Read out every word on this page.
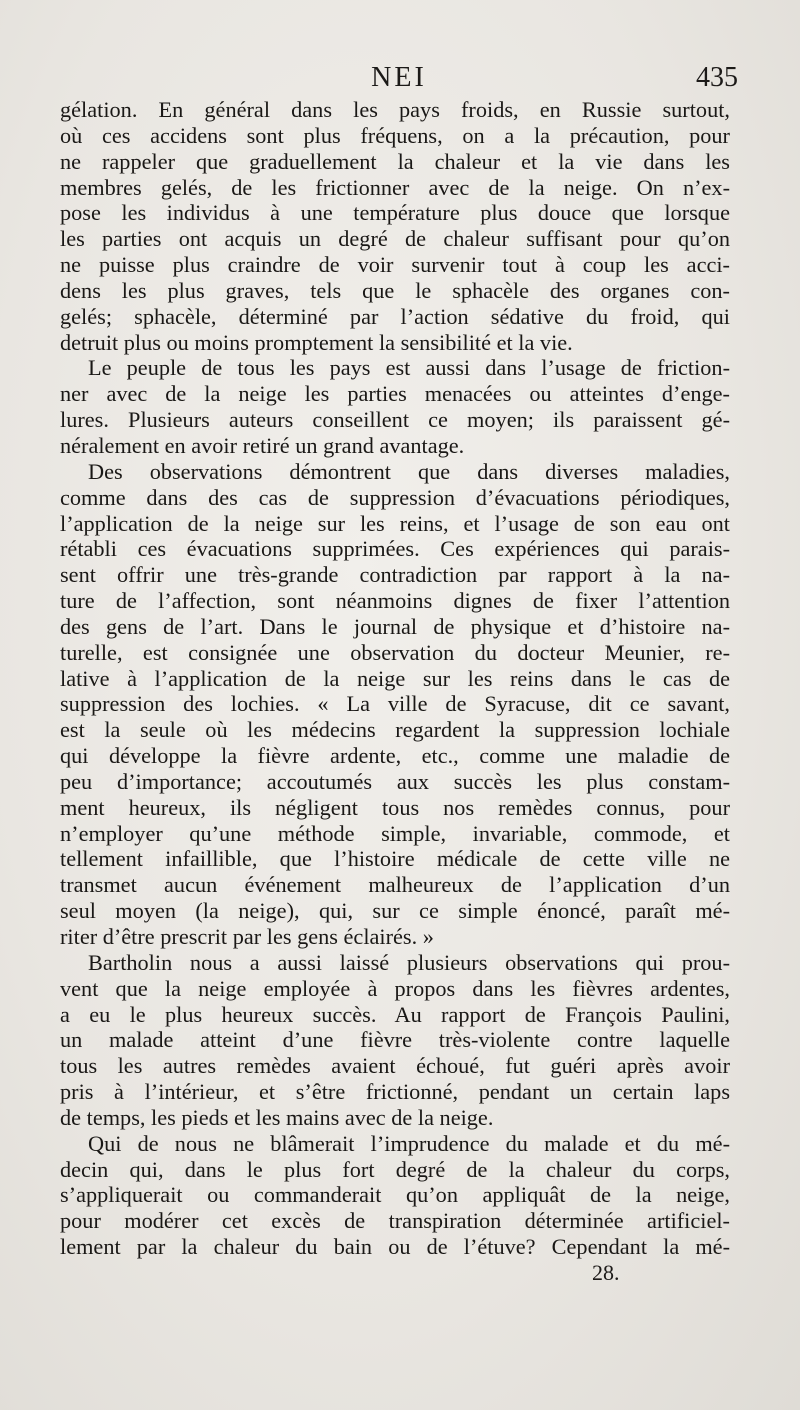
NEI	435
gélation. En général dans les pays froids, en Russie surtout,
où ces accidens sont plus fréquens, on a la précaution, pour
ne rappeler que graduellement la chaleur et la vie dans les
membres gelés, de les frictionner avec de la neige. On n’ex-
pose les individus à une température plus douce que lorsque
les parties ont acquis un degré de chaleur suffisant pour qu’on
ne puisse plus craindre de voir survenir tout à coup les acci-
dens les plus graves, tels que le sphacèle des organes con-
gelés; sphacèle, déterminé par l’action sédative du froid, qui
detruit plus ou moins promptement la sensibilité et la vie.
Le peuple de tous les pays est aussi dans l’usage de friction-
ner avec de la neige les parties menacées ou atteintes d’enge-
lures. Plusieurs auteurs conseillent ce moyen; ils paraissent gé-
néralement en avoir retiré un grand avantage.
Des observations démontrent que dans diverses maladies,
comme dans des cas de suppression d’évacuations périodiques,
l’application de la neige sur les reins, et l’usage de son eau ont
rétabli ces évacuations supprimées. Ces expériences qui parais-
sent offrir une très-grande contradiction par rapport à la na-
ture de l’affection, sont néanmoins dignes de fixer l’attention
des gens de l’art. Dans le journal de physique et d’histoire na-
turelle, est consignée une observation du docteur Meunier, re-
lative à l’application de la neige sur les reins dans le cas de
suppression des lochies. « La ville de Syracuse, dit ce savant,
est la seule où les médecins regardent la suppression lochiale
qui développe la fièvre ardente, etc., comme une maladie de
peu d’importance; accoutumés aux succès les plus constam-
ment heureux, ils négligent tous nos remèdes connus, pour
n’employer qu’une méthode simple, invariable, commode, et
tellement infaillible, que l’histoire médicale de cette ville ne
transmet aucun événement malheureux de l’application d’un
seul moyen (la neige), qui, sur ce simple énoncé, paraît mé-
riter d’être prescrit par les gens éclairés. »
Bartholin nous a aussi laissé plusieurs observations qui prou-
vent que la neige employée à propos dans les fièvres ardentes,
a eu le plus heureux succès. Au rapport de François Paulini,
un malade atteint d’une fièvre très-violente contre laquelle
tous les autres remèdes avaient échoué, fut guéri après avoir
pris à l’intérieur, et s’être frictionné, pendant un certain laps
de temps, les pieds et les mains avec de la neige.
Qui de nous ne blâmerait l’imprudence du malade et du mé-
decin qui, dans le plus fort degré de la chaleur du corps,
s’appliquerait ou commanderait qu’on appliquât de la neige,
pour modérer cet excès de transpiration déterminée artificiel-
lement par la chaleur du bain ou de l’étuve? Cependant la mé-
28.
